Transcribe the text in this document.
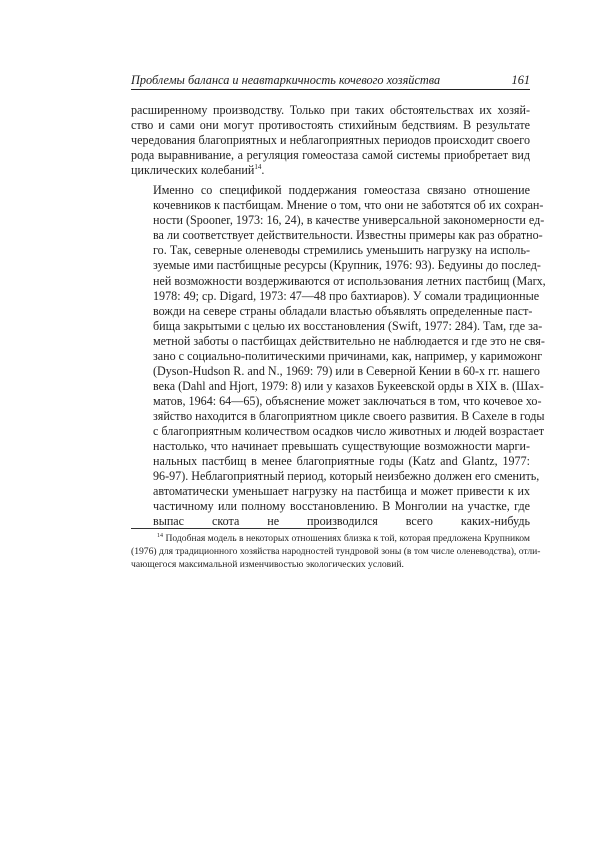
Проблемы баланса и неавтаркичность кочевого хозяйства	161

расширенному производству. Только при таких обстоятельствах их хозяй-
ство и сами они могут противостоять стихийным бедствиям. В результате
чередования благоприятных и неблагоприятных периодов происходит своего
рода выравнивание, а регуляция гомеостаза самой системы приобретает вид
циклических колебаний$^{14}$.

Именно со спецификой поддержания гомеостаза связано отношение
кочевников к пастбищам. Мнение о том, что они не заботятся об их сохран-
ности (Spooner, 1973: 16, 24), в качестве универсальной закономерности ед-
ва ли соответствует действительности. Известны примеры как раз обратно-
го. Так, северные оленеводы стремились уменьшить нагрузку на исполь-
зуемые ими пастбищные ресурсы (Крупник, 1976: 93). Бедуины до послед-
ней возможности воздерживаются от использования летних пастбищ (Marx,
1978: 49; cp. Digard, 1973: 47—48 про бахтиаров). У сомали традиционные
вожди на севере страны обладали властью объявлять определенные паст-
бища закрытыми с целью их восстановления (Swift, 1977: 284). Там, где за-
метной заботы о пастбищах действительно не наблюдается и где это не свя-
зано с социально-политическими причинами, как, например, у кариможонг
(Dyson-Hudson R. and N., 1969: 79) или в Северной Кении в 60-х гг. нашего
века (Dahl and Hjort, 1979: 8) или у казахов Букеевской орды в XIX в. (Шах-
матов, 1964: 64—65), объяснение может заключаться в том, что кочевое хо-
зяйство находится в благоприятном цикле своего развития. В Сахеле в годы
с благоприятным количеством осадков число животных и людей возрастает
настолько, что начинает превышать существующие возможности марги-
нальных пастбищ в менее благоприятные годы (Katz and Glantz, 1977:
96-97). Неблагоприятный период, который неизбежно должен его сменить,
автоматически уменьшает нагрузку на пастбища и может привести к их
частичному или полному восстановлению. В Монголии на участке, где
выпас скота не производился всего каких-нибудь

$^{14}$ Подобная модель в некоторых отношениях близка к той, которая предложена Крупником
(1976) для традиционного хозяйства народностей тундровой зоны (в том числе оленеводства), отли-
чающегося максимальной изменчивостью экологических условий.
